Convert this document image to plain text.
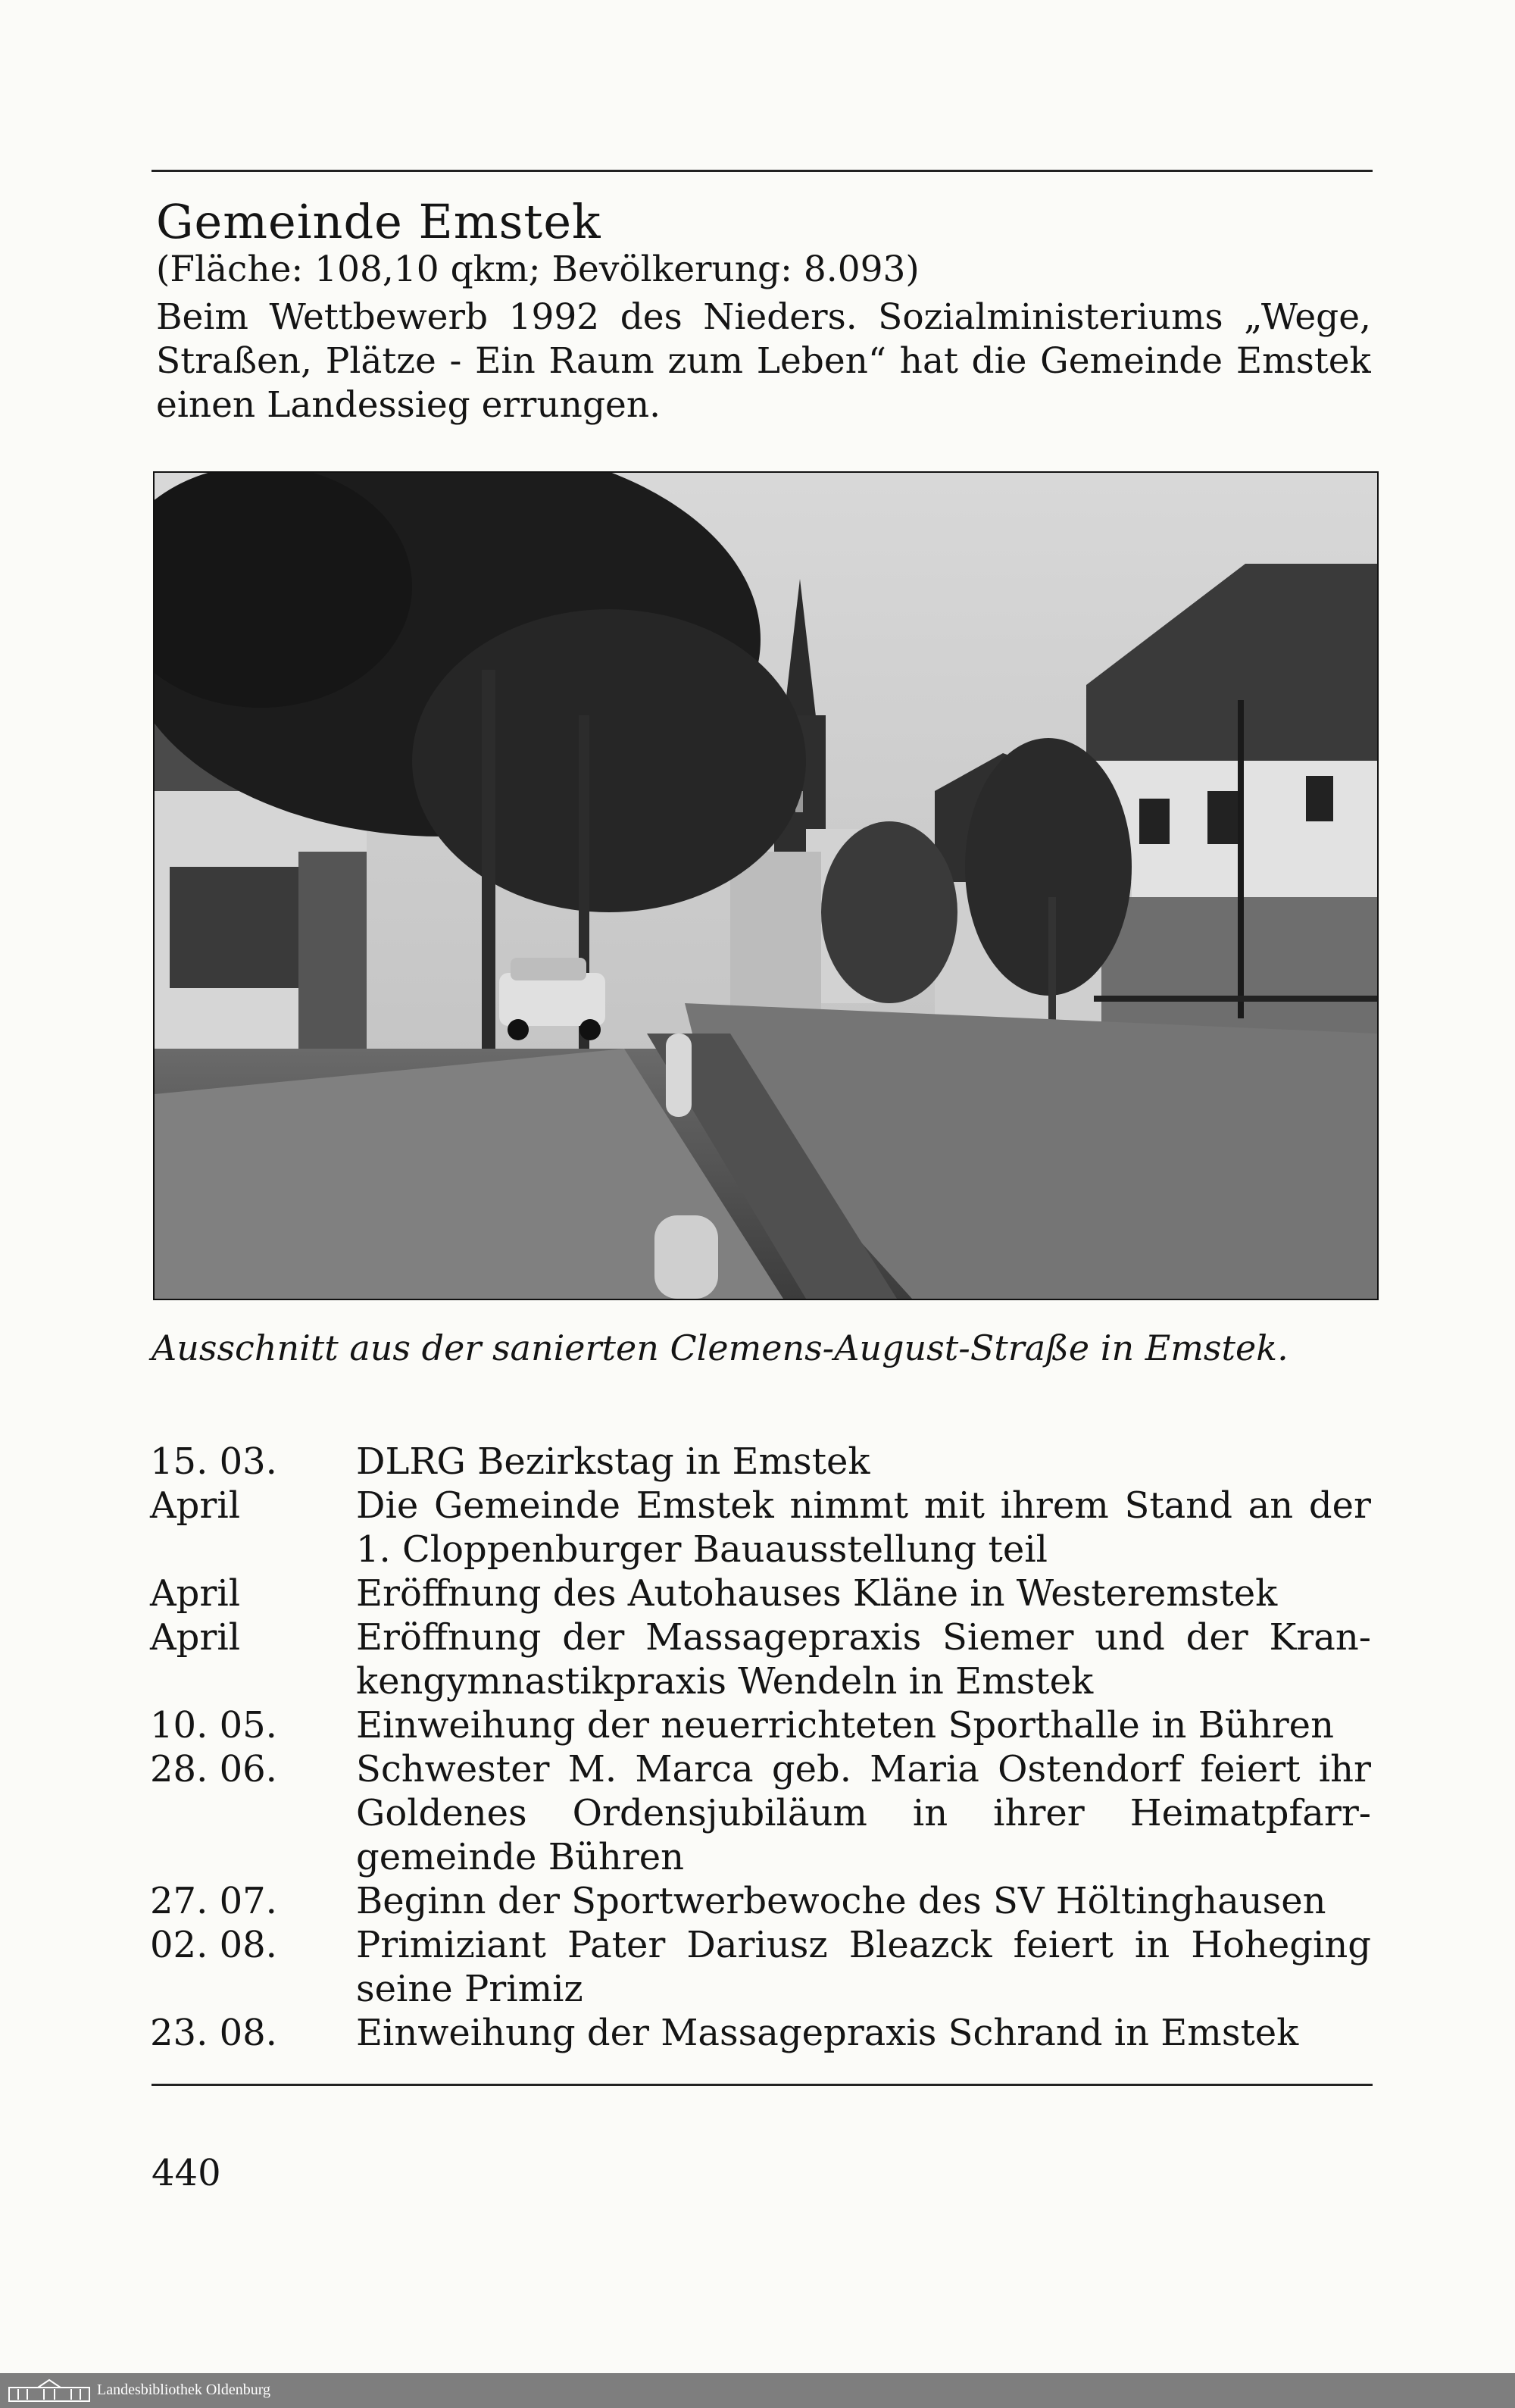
Gemeinde Emstek
(Fläche: 108,10 qkm; Bevölkerung: 8.093)
Beim Wettbewerb 1992 des Nieders. Sozialministeriums „Wege,
Straßen, Plätze - Ein Raum zum Leben“ hat die Gemeinde Emstek
einen Landessieg errungen.
Ausschnitt aus der sanierten Clemens-August-Straße in Emstek.
15. 03. DLRG Bezirkstag in Emstek
April	Die Gemeinde Emstek nimmt mit ihrem Stand an der
1. Cloppenburger Bauausstellung teil
April	Eröffnung des Autohauses Kläne in Westeremstek
April	Eröffnung der Massagepraxis Siemer und der Kran-
kengymnastikpraxis Wendeln in Emstek
10. 05. Einweihung der neuerrichteten Sporthalle in Bühren
28. 06. Schwester M. Marca geb. Maria Ostendorf feiert ihr
Goldenes Ordensjubiläum in ihrer Heimatpfarr-
gemeinde Bühren
27. 07. Beginn der Sportwerbewoche des SV Höltinghausen
02. 08. Primiziant Pater Dariusz Bleazck feiert in Hoheging
seine Primiz
23. 08. Einweihung der Massagepraxis Schrand in Emstek
440
Landesbibliothek Oldenburg
